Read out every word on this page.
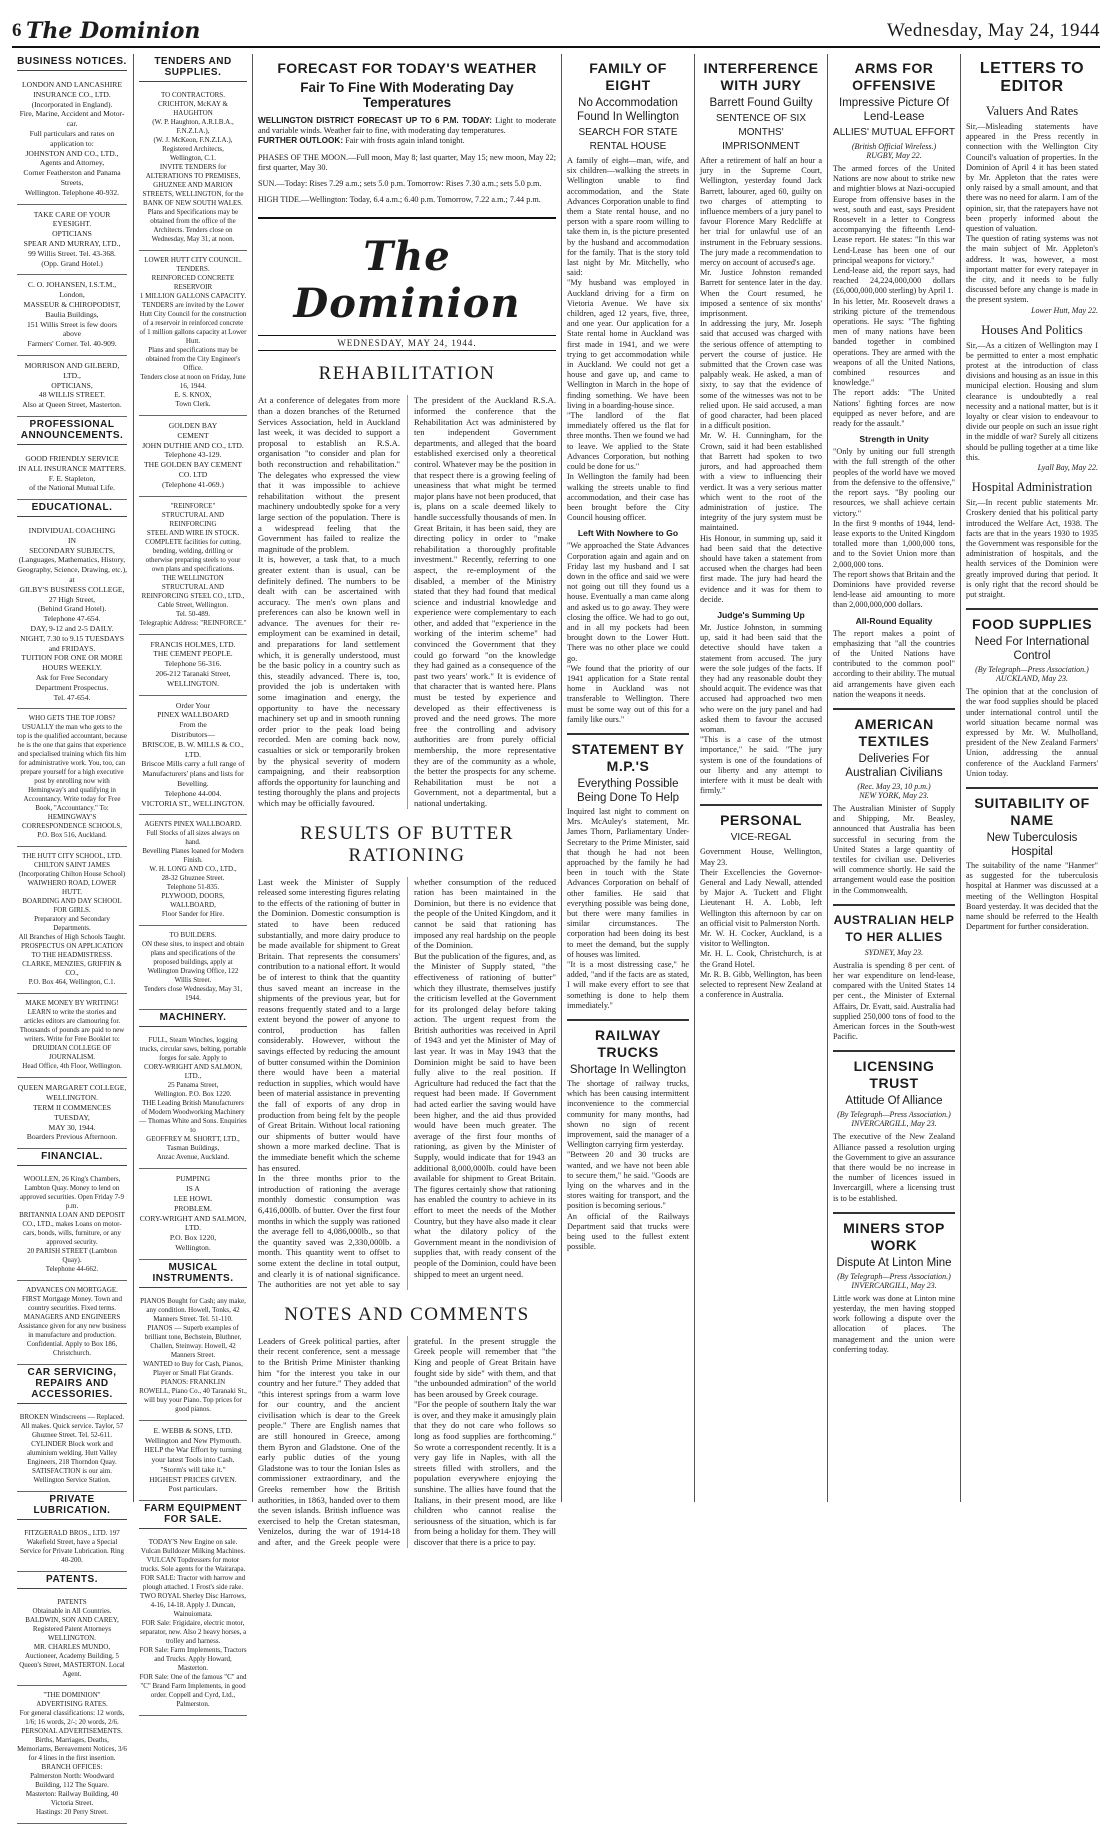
6 The Dominion	Wednesday, May 24, 1944
BUSINESS NOTICES.
LONDON AND LANCASHIRE
INSURANCE CO., LTD.
(Incorporated in England).
Fire, Marine, Accident and Motor-car.
Full particulars and rates on application to:
JOHNSTON AND CO., LTD.,
Agents and Attorney,
Corner Featherston and Panama Streets,
Wellington. Telephone 40-932.
TAKE CARE OF YOUR EYESIGHT.
OPTICIANS
SPEAR AND MURRAY, LTD.,
99 Willis Street. Tel. 43-368.
(Opp. Grand Hotel.)
C. O. JOHANSEN, I.S.T.M., London,
MASSEUR & CHIROPODIST,
Baulia Buildings,
151 Willis Street is few doors above
Farmers' Corner. Tel. 40-909.
MORRISON AND GILBERD, LTD.,
OPTICIANS,
48 WILLIS STREET.
Also at Queen Street, Masterton.
PROFESSIONAL ANNOUNCEMENTS.
GOOD FRIENDLY SERVICE
IN ALL INSURANCE MATTERS.
F. E. Stapleton,
of the National Mutual Life.
EDUCATIONAL.
INDIVIDUAL COACHING
IN
SECONDARY SUBJECTS,
(Languages, Mathematics, History, Geography, Science, Drawing, etc.),
at
GILBY'S BUSINESS COLLEGE,
27 High Street,
(Behind Grand Hotel).
Telephone 47-654.
DAY, 9-12 and 2-5 DAILY.
NIGHT, 7.30 to 9.15 TUESDAYS and FRIDAYS.
TUITION FOR ONE OR MORE HOURS WEEKLY.
Ask for Free Secondary Department Prospectus.
Tel. 47-654.
WHO GETS THE TOP JOBS?
USUALLY the man who gets to the top is the qualified accountant, because he is the one that gains that experience and specialised training which fits him for administrative work. You, too, can prepare yourself for a high executive post by enrolling now with Hemingway's and qualifying in Accountancy. Write today for Free Book, "Accountancy." To:
HEMINGWAY'S
CORRESPONDENCE SCHOOLS,
P.O. Box 516, Auckland.
THE HUTT CITY SCHOOL, LTD.
CHILTON SAINT JAMES
(Incorporating Chilton House School)
WAIWHERO ROAD, LOWER HUTT.
BOARDING AND DAY SCHOOL FOR GIRLS.
Preparatory and Secondary Departments.
All Branches of High Schools Taught.
PROSPECTUS ON APPLICATION TO THE HEADMISTRESS.
CLARKE, MENZIES, GRIFFIN & CO.,
P.O. Box 464, Wellington, C.1.
MAKE MONEY BY WRITING!
LEARN to write the stories and articles editors are clamouring for. Thousands of pounds are paid to new writers. Write for Free Booklet to:
DRUIDIAN COLLEGE OF JOURNALISM.
Head Office, 4th Floor, Wellington.
QUEEN MARGARET COLLEGE,
WELLINGTON.
TERM II COMMENCES TUESDAY,
MAY 30, 1944.
Boarders Previous Afternoon.
FINANCIAL.
WOOLLEN, 26 King's Chambers, Lambton Quay. Money to lend on approved securities. Open Friday 7-9 p.m.
BRITANNIA LOAN AND DEPOSIT CO., LTD., makes Loans on motor-cars, bonds, wills, furniture, or any approved security.
20 PARISH STREET (Lambton Quay).
Telephone 44-662.
ADVANCES ON MORTGAGE.
FIRST Mortgage Money. Town and country securities. Fixed terms.
MANAGERS AND ENGINEERS
Assistance given for any new business in manufacture and production.
Confidential. Apply to Box 186, Christchurch.
CAR SERVICING, REPAIRS AND ACCESSORIES.
BROKEN Windscreens — Replaced. All makes. Quick service. Taylor, 57 Ghuznee Street. Tel. 52-611.
CYLINDER Block work and aluminium welding. Hutt Valley Engineers, 218 Thorndon Quay.
SATISFACTION is our aim. Wellington Service Station.
PRIVATE LUBRICATION.
FITZGERALD BROS., LTD. 197 Wakefield Street, have a Special Service for Private Lubrication. Ring 40-200.
PATENTS.
PATENTS
Obtainable in All Countries.
BALDWIN, SON AND CAREY,
Registered Patent Attorneys
WELLINGTON.
MR. CHARLES MUNDO, Auctioneer, Academy Building, 5 Queen's Street, MASTERTON. Local Agent.
"THE DOMINION"
ADVERTISING RATES.
For general classifications: 12 words, 1/6; 16 words, 2/-; 20 words, 2/6.
PERSONAL ADVERTISEMENTS.
Births, Marriages, Deaths, Memoriams, Bereavement Notices, 3/6 for 4 lines in the first insertion.
BRANCH OFFICES:
Palmerston North: Woodward Building, 112 The Square.
Masterton: Railway Building, 40 Victoria Street.
Hastings: 20 Perry Street.
TENDERS AND SUPPLIES.
TO CONTRACTORS.
CRICHTON, McKAY & HAUGHTON
(W. P. Haughton, A.R.I.B.A., F.N.Z.I.A.),
(W. J. McKeon, F.N.Z.I.A.),
Registered Architects,
Wellington, C.1.
INVITE TENDERS for ALTERATIONS TO PREMISES, GHUZNEE AND MARION STREETS, WELLINGTON, for the BANK OF NEW SOUTH WALES.
Plans and Specifications may be obtained from the office of the Architects. Tenders close on Wednesday, May 31, at noon.
LOWER HUTT CITY COUNCIL.
TENDERS.
REINFORCED CONCRETE RESERVOIR
1 MILLION GALLONS CAPACITY.
TENDERS are invited by the Lower Hutt City Council for the construction of a reservoir in reinforced concrete of 1 million gallons capacity at Lower Hutt.
Plans and specifications may be obtained from the City Engineer's Office.
Tenders close at noon on Friday, June 16, 1944.
E. S. KNOX,
Town Clerk.
GOLDEN BAY
CEMENT
JOHN DUTHIE AND CO., LTD.
Telephone 43-129.
THE GOLDEN BAY CEMENT CO. LTD
(Telephone 41-069.)
"REINFORCE"
STRUCTURAL AND REINFORCING
STEEL AND WIRE IN STOCK.
COMPLETE facilities for cutting, bending, welding, drilling or otherwise preparing steels to your own plans and specifications.
THE WELLINGTON STRUCTURAL AND REINFORCING STEEL CO., LTD.,
Cable Street, Wellington.
Tel. 50-489.
Telegraphic Address: "REINFORCE."
FRANCIS HOLMES, LTD.
THE CEMENT PEOPLE.
Telephone 56-316.
206-212 Taranaki Street,
WELLINGTON.
Order Your
PINEX WALLBOARD
From the
Distributors—
BRISCOE, B. W. MILLS & CO., LTD.
Briscoe Mills carry a full range of Manufacturers' plans and lists for Bevelling.
Telephone 44-004.
VICTORIA ST., WELLINGTON.
AGENTS PINEX WALLBOARD.
Full Stocks of all sizes always on hand.
Bevelling Planes loaned for Modern Finish.
W. H. LONG AND CO., LTD.,
28-32 Ghuznee Street.
Telephone 51-835.
PLYWOOD, DOORS, WALLBOARD,
Floor Sander for Hire.
TO BUILDERS.
ON these sites, to inspect and obtain plans and specifications of the proposed buildings, apply at Wellington Drawing Office, 122 Willis Street.
Tenders close Wednesday, May 31, 1944.
MACHINERY.
FULL, Steam Winches, logging trucks, circular saws, belting, portable forges for sale. Apply to
CORY-WRIGHT AND SALMON, LTD.,
25 Panama Street,
Wellington. P.O. Box 1220.
THE Leading British Manufacturers of Modern Woodworking Machinery — Thomas White and Sons. Enquiries to
GEOFFREY M. SHORTT, LTD.,
Tasman Buildings,
Anzac Avenue, Auckland.
PUMPING
IS A
LEE HOWL
PROBLEM.
CORY-WRIGHT AND SALMON, LTD.
P.O. Box 1220,
Wellington.
MUSICAL INSTRUMENTS.
PIANOS Bought for Cash; any make, any condition. Howell, Tonks, 42 Manners Street. Tel. 51-110.
PIANOS — Superb examples of brilliant tone, Bechstein, Bluthner, Challen, Steinway. Howell, 42 Manners Street.
WANTED to Buy for Cash, Pianos, Player or Small Flat Grands.
PIANOS: FRANKLIN
ROWELL, Piano Co., 40 Taranaki St., will buy your Piano. Top prices for good pianos.
E. WEBB & SONS, LTD.
Wellington and New Plymouth.
HELP the War Effort by turning your latest Tools into Cash.
"Storm's will take it."
HIGHEST PRICES GIVEN.
Post particulars.
FARM EQUIPMENT FOR SALE.
TODAY'S New Engine on sale. Vulcan Bulldozer Milking Machines.
VULCAN Topdressers for motor trucks. Sole agents for the Wairarapa.
FOR SALE: Tractor with harrow and plough attached. 1 Frost's side rake.
TWO ROYAL Sherley Disc Harrows, 4-16, 14-18. Apply J. Duncan, Wainuiomata.
FOR Sale: Frigidaire, electric motor, separator, new. Also 2 heavy horses, a trolley and harness.
FOR Sale: Farm Implements, Tractors and Trucks. Apply Howard, Masterton.
FOR Sale: One of the famous "C" and "C" Brand Farm Implements, in good order. Coppell and Cyrd, Ltd., Palmerston.
FORECAST FOR TODAY'S WEATHER
Fair To Fine With Moderating Day Temperatures
WELLINGTON DISTRICT FORECAST UP TO 6 P.M. TODAY: Light to moderate and variable winds. Weather fair to fine, with moderating day temperatures.
FURTHER OUTLOOK: Fair with frosts again inland tonight.
PHASES OF THE MOON.—Full moon, May 8; last quarter, May 15; new moon, May 22; first quarter, May 30.
SUN.—Today: Rises 7.29 a.m.; sets 5.0 p.m. Tomorrow: Rises 7.30 a.m.; sets 5.0 p.m.
HIGH TIDE.—Wellington: Today, 6.4 a.m.; 6.40 p.m. Tomorrow, 7.22 a.m.; 7.44 p.m.
The Dominion
WEDNESDAY, MAY 24, 1944.
REHABILITATION
At a conference of delegates from more than a dozen branches of the Returned Services Association, held in Auckland last week, it was decided to support a proposal to establish an R.S.A. organisation "to consider and plan for both reconstruction and rehabilitation." The delegates who expressed the view that it was impossible to achieve rehabilitation without the present machinery undoubtedly spoke for a very large section of the population. There is a widespread feeling that the Government has failed to realize the magnitude of the problem.
It is, however, a task that, to a much greater extent than is usual, can be definitely defined. The numbers to be dealt with can be ascertained with accuracy. The men's own plans and preferences can also be known well in advance. The avenues for their re-employment can be examined in detail, and preparations for land settlement which, it is generally understood, must be the basic policy in a country such as this, steadily advanced. There is, too, provided the job is undertaken with some imagination and energy, the opportunity to have the necessary machinery set up and in smooth running order prior to the peak load being recorded. Men are coming back now, casualties or sick or temporarily broken by the physical severity of modern campaigning, and their reabsorption affords the opportunity for launching and testing thoroughly the plans and projects which may be officially favoured.
The president of the Auckland R.S.A. informed the conference that the Rehabilitation Act was administered by ten independent Government departments, and alleged that the board established exercised only a theoretical control. Whatever may be the position in that respect there is a growing feeling of uneasiness that what might be termed major plans have not been produced, that is, plans on a scale deemed likely to handle successfully thousands of men. In Great Britain, it has been said, they are directing policy in order to "make rehabilitation a thoroughly profitable investment." Recently, referring to one aspect, the re-employment of the disabled, a member of the Ministry stated that they had found that medical science and industrial knowledge and experience were complementary to each other, and added that "experience in the working of the interim scheme" had convinced the Government that they could go forward "on the knowledge they had gained as a consequence of the past two years' work." It is evidence of that character that is wanted here. Plans must be tested by experience and developed as their effectiveness is proved and the need grows. The more free the controlling and advisory authorities are from purely official membership, the more representative they are of the community as a whole, the better the prospects for any scheme. Rehabilitation must be not a Government, not a departmental, but a national undertaking.
RESULTS OF BUTTER RATIONING
Last week the Minister of Supply released some interesting figures relating to the effects of the rationing of butter in the Dominion. Domestic consumption is stated to have been reduced substantially, and more dairy produce to be made available for shipment to Great Britain. That represents the consumers' contribution to a national effort. It would be of interest to think that the quantity thus saved meant an increase in the shipments of the previous year, but for reasons frequently stated and to a large extent beyond the power of anyone to control, production has fallen considerably. However, without the savings effected by reducing the amount of butter consumed within the Dominion there would have been a material reduction in supplies, which would have been of material assistance in preventing the fall of exports of any drop in production from being felt by the people of Great Britain. Without local rationing our shipments of butter would have shown a more marked decline. That is the immediate benefit which the scheme has ensured.
In the three months prior to the introduction of rationing the average monthly domestic consumption was 6,416,000lb. of butter. Over the first four months in which the supply was rationed the average fell to 4,086,000lb., so that the quantity saved was 2,330,000lb. a month. This quantity went to offset to some extent the decline in total output, and clearly it is of national significance. The authorities are not yet able to say whether consumption of the reduced ration has been maintained in the Dominion, but there is no evidence that the people of the United Kingdom, and it cannot be said that rationing has imposed any real hardship on the people of the Dominion.
But the publication of the figures, and, as the Minister of Supply stated, "the effectiveness of rationing of butter" which they illustrate, themselves justify the criticism levelled at the Government for its prolonged delay before taking action. The urgent request from the British authorities was received in April of 1943 and yet the Minister of May of last year. It was in May 1943 that the Dominion might be said to have been fully alive to the real position. If Agriculture had reduced the fact that the request had been made. If Government had acted earlier the saving would have been higher, and the aid thus provided would have been much greater. The average of the first four months of rationing, as given by the Minister of Supply, would indicate that for 1943 an additional 8,000,000lb. could have been available for shipment to Great Britain. The figures certainly show that rationing has enabled the country to achieve in its effort to meet the needs of the Mother Country, but they have also made it clear what the dilatory policy of the Government meant in the nondivision of supplies that, with ready consent of the people of the Dominion, could have been shipped to meet an urgent need.
NOTES AND COMMENTS
Leaders of Greek political parties, after their recent conference, sent a message to the British Prime Minister thanking him "for the interest you take in our country and her future." They added that "this interest springs from a warm love for our country, and the ancient civilisation which is dear to the Greek people." There are English names that are still honoured in Greece, among them Byron and Gladstone. One of the early public duties of the young Gladstone was to tour the Ionian Isles as commissioner extraordinary, and the Greeks remember how the British authorities, in 1863, handed over to them the seven islands. British influence was exercised to help the Cretan statesman, Venizelos, during the war of 1914-18 and after, and the Greek people were grateful. In the present struggle the Greek people will remember that "the King and people of Great Britain have fought side by side" with them, and that "the unbounded admiration" of the world has been aroused by Greek courage.
"For the people of southern Italy the war is over, and they make it amusingly plain that they do not care who follows so long as food supplies are forthcoming." So wrote a correspondent recently. It is a very gay life in Naples, with all the streets filled with strollers, and the population everywhere enjoying the sunshine. The allies have found that the Italians, in their present mood, are like children who cannot realise the seriousness of the situation, which is far from being a holiday for them. They will discover that there is a price to pay.
FAMILY OF EIGHT
No Accommodation Found In Wellington
SEARCH FOR STATE RENTAL HOUSE
A family of eight—man, wife, and six children—walking the streets in Wellington unable to find accommodation, and the State Advances Corporation unable to find them a State rental house, and no person with a spare room willing to take them in, is the picture presented by the husband and accommodation for the family. That is the story told last night by Mr. Mitchelly, who said:
"My husband was employed in Auckland driving for a firm on Vietoria Avenue. We have six children, aged 12 years, five, three, and one year. Our application for a State rental home in Auckland was first made in 1941, and we were trying to get accommodation while in Auckland. We could not get a house and gave up, and came to Wellington in March in the hope of finding something. We have been living in a boarding-house since.
"The landlord of the flat immediately offered us the flat for three months. Then we found we had to leave. We applied to the State Advances Corporation, but nothing could be done for us."
In Wellington the family had been walking the streets unable to find accommodation, and their case has been brought before the City Council housing officer.
Left With Nowhere to Go
"We approached the State Advances Corporation again and again and on Friday last my husband and I sat down in the office and said we were not going out till they found us a house. Eventually a man came along and asked us to go away. They were closing the office. We had to go out, and in all my pockets had been brought down to the Lower Hutt. There was no other place we could go.
"We found that the priority of our 1941 application for a State rental home in Auckland was not transferable to Wellington. There must be some way out of this for a family like ours."
STATEMENT BY M.P.'S
Everything Possible Being Done To Help
Inquired last night to comment on Mrs. McAuley's statement, Mr. James Thorn, Parliamentary Under-Secretary to the Prime Minister, said that though he had not been approached by the family he had been in touch with the State Advances Corporation on behalf of other families. He said that everything possible was being done, but there were many families in similar circumstances. The corporation had been doing its best to meet the demand, but the supply of houses was limited.
"It is a most distressing case," he added, "and if the facts are as stated, I will make every effort to see that something is done to help them immediately."
RAILWAY TRUCKS
Shortage In Wellington
The shortage of railway trucks, which has been causing intermittent inconvenience to the commercial community for many months, had shown no sign of recent improvement, said the manager of a Wellington carrying firm yesterday.
"Between 20 and 30 trucks are wanted, and we have not been able to secure them," he said. "Goods are lying on the wharves and in the stores waiting for transport, and the position is becoming serious."
An official of the Railways Department said that trucks were being used to the fullest extent possible.
INTERFERENCE WITH JURY
Barrett Found Guilty
SENTENCE OF SIX MONTHS' IMPRISONMENT
After a retirement of half an hour a jury in the Supreme Court, Wellington, yesterday found Jack Barrett, labourer, aged 60, guilty on two charges of attempting to influence members of a jury panel to favour Florence Mary Redcliffe at her trial for unlawful use of an instrument in the February sessions. The jury made a recommendation to mercy on account of accused's age.
Mr. Justice Johnston remanded Barrett for sentence later in the day. When the Court resumed, he imposed a sentence of six months' imprisonment.
In addressing the jury, Mr. Joseph said that accused was charged with the serious offence of attempting to pervert the course of justice. He submitted that the Crown case was palpably weak. He asked, a man of sixty, to say that the evidence of some of the witnesses was not to be relied upon. He said accused, a man of good character, had been placed in a difficult position.
Mr. W. H. Cunningham, for the Crown, said it had been established that Barrett had spoken to two jurors, and had approached them with a view to influencing their verdict. It was a very serious matter which went to the root of the administration of justice. The integrity of the jury system must be maintained.
His Honour, in summing up, said it had been said that the detective should have taken a statement from accused when the charges had been first made. The jury had heard the evidence and it was for them to decide.
Judge's Summing Up
Mr. Justice Johnston, in summing up, said it had been said that the detective should have taken a statement from accused. The jury were the sole judges of the facts. If they had any reasonable doubt they should acquit. The evidence was that accused had approached two men who were on the jury panel and had asked them to favour the accused woman.
"This is a case of the utmost importance," he said. "The jury system is one of the foundations of our liberty and any attempt to interfere with it must be dealt with firmly."
PERSONAL
VICE-REGAL
Government House, Wellington, May 23.
Their Excellencies the Governor-General and Lady Newall, attended by Major A. Tuckett and Flight Lieutenant H. A. Lobb, left Wellington this afternoon by car on an official visit to Palmerston North.
Mr. W. H. Cocker, Auckland, is a visitor to Wellington.
Mr. H. L. Cook, Christchurch, is at the Grand Hotel.
Mr. R. B. Gibb, Wellington, has been selected to represent New Zealand at a conference in Australia.
ARMS FOR OFFENSIVE
Impressive Picture Of Lend-Lease
ALLIES' MUTUAL EFFORT
(British Official Wireless.)
RUGBY, May 22.
The armed forces of the United Nations are now about to strike new and mightier blows at Nazi-occupied Europe from offensive bases in the west, south and east, says President Roosevelt in a letter to Congress accompanying the fifteenth Lend-Lease report. He states: "In this war Lend-Lease has been one of our principal weapons for victory."
Lend-lease aid, the report says, had reached 24,224,000,000 dollars (£6,000,000,000 sterling) by April 1.
In his letter, Mr. Roosevelt draws a striking picture of the tremendous operations. He says: "The fighting men of many nations have been banded together in combined operations. They are armed with the weapons of all the United Nations, combined resources and knowledge."
The report adds: "The United Nations' fighting forces are now equipped as never before, and are ready for the assault."
Strength in Unity
"Only by uniting our full strength with the full strength of the other peoples of the world have we moved from the defensive to the offensive," the report says. "By pooling our resources, we shall achieve certain victory."
In the first 9 months of 1944, lend-lease exports to the United Kingdom totalled more than 1,000,000 tons, and to the Soviet Union more than 2,000,000 tons.
The report shows that Britain and the Dominions have provided reverse lend-lease aid amounting to more than 2,000,000,000 dollars.
All-Round Equality
The report makes a point of emphasizing that "all the countries of the United Nations have contributed to the common pool" according to their ability. The mutual aid arrangements have given each nation the weapons it needs.
AMERICAN TEXTILES
Deliveries For Australian Civilians
(Rec. May 23, 10 p.m.)
NEW YORK, May 23.
The Australian Minister of Supply and Shipping, Mr. Beasley, announced that Australia has been successful in securing from the United States a large quantity of textiles for civilian use. Deliveries will commence shortly. He said the arrangement would ease the position in the Commonwealth.
AUSTRALIAN HELP TO HER ALLIES
SYDNEY, May 23.
Australia is spending 8 per cent. of her war expenditure on lend-lease, compared with the United States 14 per cent., the Minister of External Affairs, Dr. Evatt, said. Australia had supplied 250,000 tons of food to the American forces in the South-west Pacific.
LICENSING TRUST
Attitude Of Alliance
(By Telegraph—Press Association.)
INVERCARGILL, May 23.
The executive of the New Zealand Alliance passed a resolution urging the Government to give an assurance that there would be no increase in the number of licences issued in Invercargill, where a licensing trust is to be established.
MINERS STOP WORK
Dispute At Linton Mine
(By Telegraph—Press Association.)
INVERCARGILL, May 23.
Little work was done at Linton mine yesterday, the men having stopped work following a dispute over the allocation of places. The management and the union were conferring today.
LETTERS TO EDITOR
Valuers And Rates
Sir,—Misleading statements have appeared in the Press recently in connection with the Wellington City Council's valuation of properties. In the Dominion of April 4 it has been stated by Mr. Appleton that the rates were only raised by a small amount, and that there was no need for alarm. I am of the opinion, sir, that the ratepayers have not been properly informed about the question of valuation.
The question of rating systems was not the main subject of Mr. Appleton's address. It was, however, a most important matter for every ratepayer in the city, and it needs to be fully discussed before any change is made in the present system.
Lower Hutt, May 22.
Houses And Politics
Sir,—As a citizen of Wellington may I be permitted to enter a most emphatic protest at the introduction of class divisions and housing as an issue in this municipal election. Housing and slum clearance is undoubtedly a real necessity and a national matter, but is it loyalty or clear vision to endeavour to divide our people on such an issue right in the middle of war? Surely all citizens should be pulling together at a time like this.
Lyall Bay, May 22.
Hospital Administration
Sir,—In recent public statements Mr. Croskery denied that his political party introduced the Welfare Act, 1938. The facts are that in the years 1930 to 1935 the Government was responsible for the administration of hospitals, and the health services of the Dominion were greatly improved during that period. It is only right that the record should be put straight.
FOOD SUPPLIES
Need For International Control
(By Telegraph—Press Association.)
AUCKLAND, May 23.
The opinion that at the conclusion of the war food supplies should be placed under international control until the world situation became normal was expressed by Mr. W. Mulholland, president of the New Zealand Farmers' Union, addressing the annual conference of the Auckland Farmers' Union today.
SUITABILITY OF NAME
New Tuberculosis Hospital
The suitability of the name "Hanmer" as suggested for the tuberculosis hospital at Hanmer was discussed at a meeting of the Wellington Hospital Board yesterday. It was decided that the name should be referred to the Health Department for further consideration.
